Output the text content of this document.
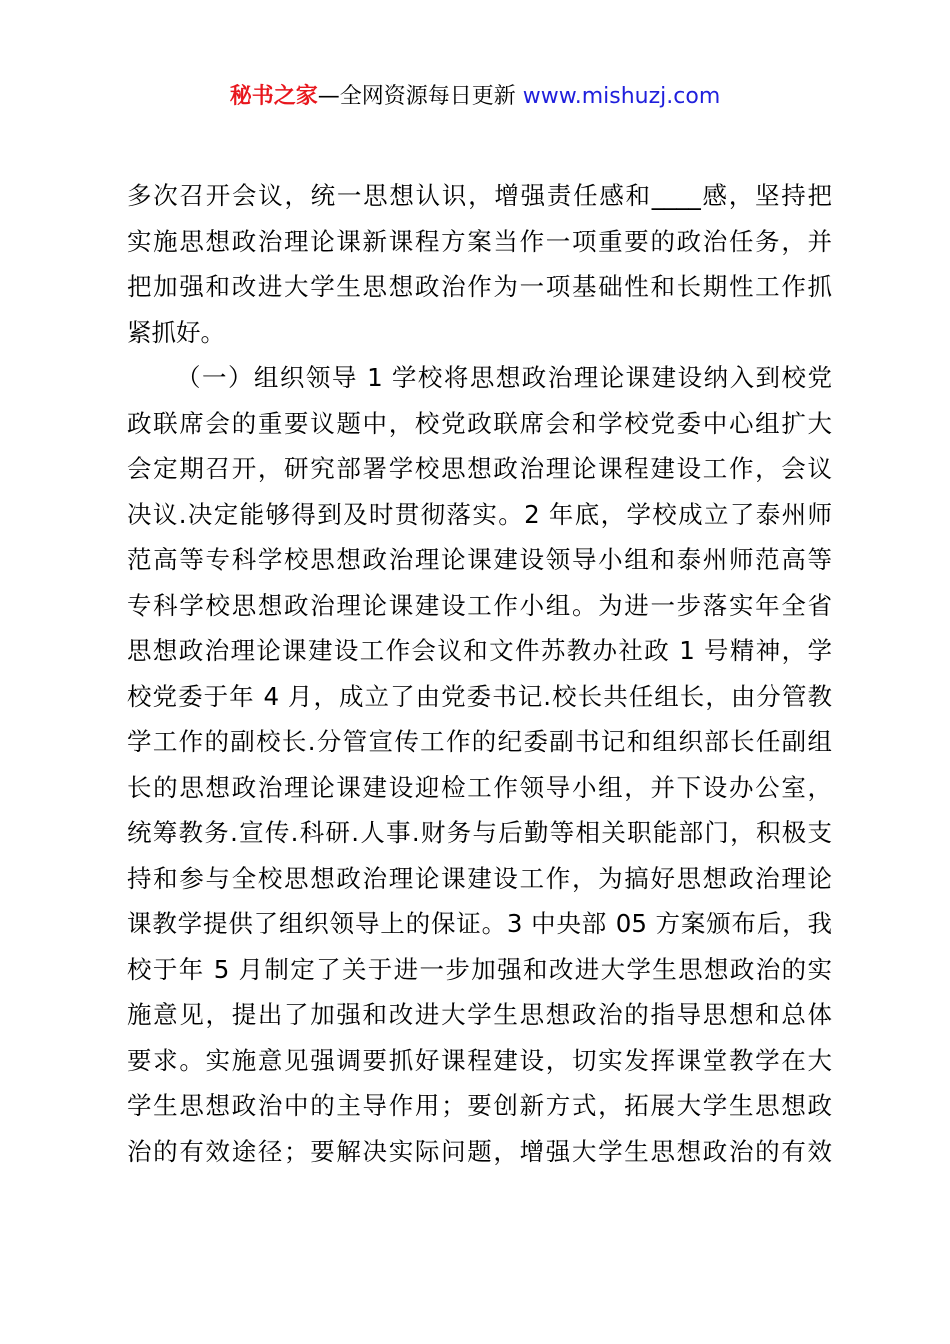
秘书之家—全网资源每日更新 www.mishuzj.com
多次召开会议，统一思想认识，增强责任感和____感，坚持把
实施思想政治理论课新课程方案当作一项重要的政治任务，并
把加强和改进大学生思想政治作为一项基础性和长期性工作抓
紧抓好。
（一）组织领导 1 学校将思想政治理论课建设纳入到校党
政联席会的重要议题中，校党政联席会和学校党委中心组扩大
会定期召开，研究部署学校思想政治理论课程建设工作，会议
决议.决定能够得到及时贯彻落实。2 年底，学校成立了泰州师
范高等专科学校思想政治理论课建设领导小组和泰州师范高等
专科学校思想政治理论课建设工作小组。为进一步落实年全省
思想政治理论课建设工作会议和文件苏教办社政 1 号精神，学
校党委于年 4 月，成立了由党委书记.校长共任组长，由分管教
学工作的副校长.分管宣传工作的纪委副书记和组织部长任副组
长的思想政治理论课建设迎检工作领导小组，并下设办公室，
统筹教务.宣传.科研.人事.财务与后勤等相关职能部门，积极支
持和参与全校思想政治理论课建设工作，为搞好思想政治理论
课教学提供了组织领导上的保证。3 中央部 05 方案颁布后，我
校于年 5 月制定了关于进一步加强和改进大学生思想政治的实
施意见，提出了加强和改进大学生思想政治的指导思想和总体
要求。实施意见强调要抓好课程建设，切实发挥课堂教学在大
学生思想政治中的主导作用；要创新方式，拓展大学生思想政
治的有效途径；要解决实际问题，增强大学生思想政治的有效
